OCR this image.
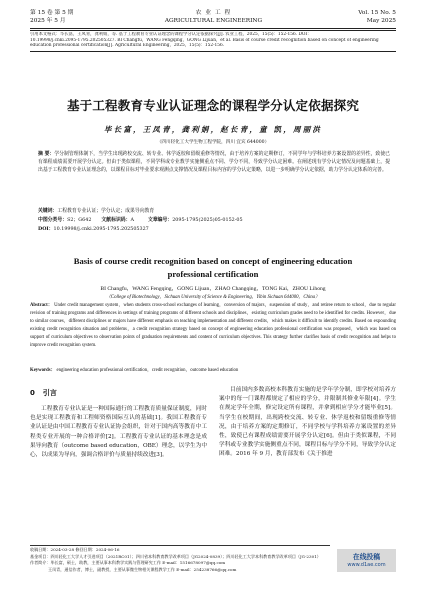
第 15 卷 第 5 期
2025 年 5 月
农 业 工 程
AGRICULTURAL ENGINEERING
Vol. 15 No. 5
May 2025
引用本文格式：毕长富，王凤青，龚利娟，等. 基于工程教育专业认证理念的课程学分认定依据探究[J]. 农业工程，2025，15(5)：152-156. DOI：
10.19998/j.cnki.2095-1795.202505327. BI Changfu，WANG Fengqing，GONG Lijuan，et al. Basis of course credit recognition based on concept of engineering
education professional certification[J]. Agricultural Engineering，2025，15(5)：152-156.
基于工程教育专业认证理念的课程学分认定依据探究
毕长富，王凤青，龚利娟，赵长青，童 凯，周丽洪
（四川轻化工大学生物工程学院，四川 宜宾 644000）
摘 要：学分制管理体制下，当学生出现跨校交流、转专业、休学返校和留级重修等情况，由于培养方案的定期修订，不同学年与学科培养方案设置的差异性，致使已有课程成绩需要开展学分认定。但由于类似课程，不同学科或专业教学实施侧重点不同、学分不同，导致学分认定困难。在阐述现有学分认定情况及问题基础上，提出基于工程教育专业认证理念的，以课程目标对毕业要求观测点支撑情况及课程目标内容的学分认定策略，以进一步明确学分认定依据，助力学分认定体系的完善。
关键词：工程教育专业认证；学分认定；成果导向教育
中图分类号：S2；G642 文献标识码：A	文章编号：2095-1795(2025)05-0152-05
DOI：10.19998/j.cnki.2095-1795.202505327
Basis of course credit recognition based on concept of engineering education
professional certification
BI Changfu，WANG Fengqing，GONG Lijuan，ZHAO Changqing，TONG Kai，ZHOU Lihong
（College of Biotechnology，Sichuan University of Science & Engineering，Yibin Sichuan 644000，China）
Abstract： Under credit management system，when students cross-school exchanges of learning，conversion of majors，suspension of study，and retiree return to school，due to regular revision of training programs and differences in settings of training programs of different schools and disciplines，existing curriculum grades need to be identified for credits. However，due to similar courses，different disciplines or majors have different emphasis on teaching implementation and different credits，which makes it difficult to identify credits. Based on expounding existing credit recognition situation and problems，a credit recognition strategy based on concept of engineering education professional certification was proposed，which was based on support of curriculum objectives to observation points of graduation requirements and content of curriculum objectives. This strategy further clarifies basis of credit recognition and helps to improve credit recognition system.
Keywords： engineering education professional certification，credit recognition，outcome based education
0 引言

工程教育专业认证是一种国际通行的工程教育质量保证制度，同时也是实现工程教育和工程师资格国际互认的基础[1]。我国工程教育专业认证是由中国工程教育专业认证协会组织，针对于国内高等教育中工程类专业开展的一种合格评价[2]。工程教育专业认证的基本理念是成果导向教育（outcome based education，OBE）理念，以学生为中心，以成果为导向，强调合格评价与质量持续改进[3]。

目前国内多数高校本科教育实施的是学年学分制，即学校对培养方案中的每一门课程都规定了相应的学分，并限制其修业年限[4]。学生在规定学年全期，修完设定所有课程，并拿到相应学分才能毕业[5]。当学生在校期间，出现跨校交流、转专业、休学返校和留级重修等情况，由于培养方案的定期修订，不同学校与学科培养方案设置的差异性，致使已有课程成绩需要开展学分认定[6]。但由于类似课程，不同学科或专业教学实施侧重点不同，课程目标与学分不同，导致学分认定困难。2016 年 9 月，教育部发布《关于推进

收稿日期：2024-03-28 修回日期：2024-06-16
基金项目：四川轻化工大学人才引进项目（2021RC01）；四川省本科教育教学改革项目（JG2024-0839）；四川轻化工大学本科教育教学改革项目（JG-2301）
作者简介：毕长富，硕士，助教，主要从事本科教学实践与管理研究工作 E-mail：1516678097@qq.com
王凤青，通信作者，博士，副教授，主要从事微生物相关课程教学工作 E-mail：254238766@qq.com
在线投稿
www.d1ae.com
